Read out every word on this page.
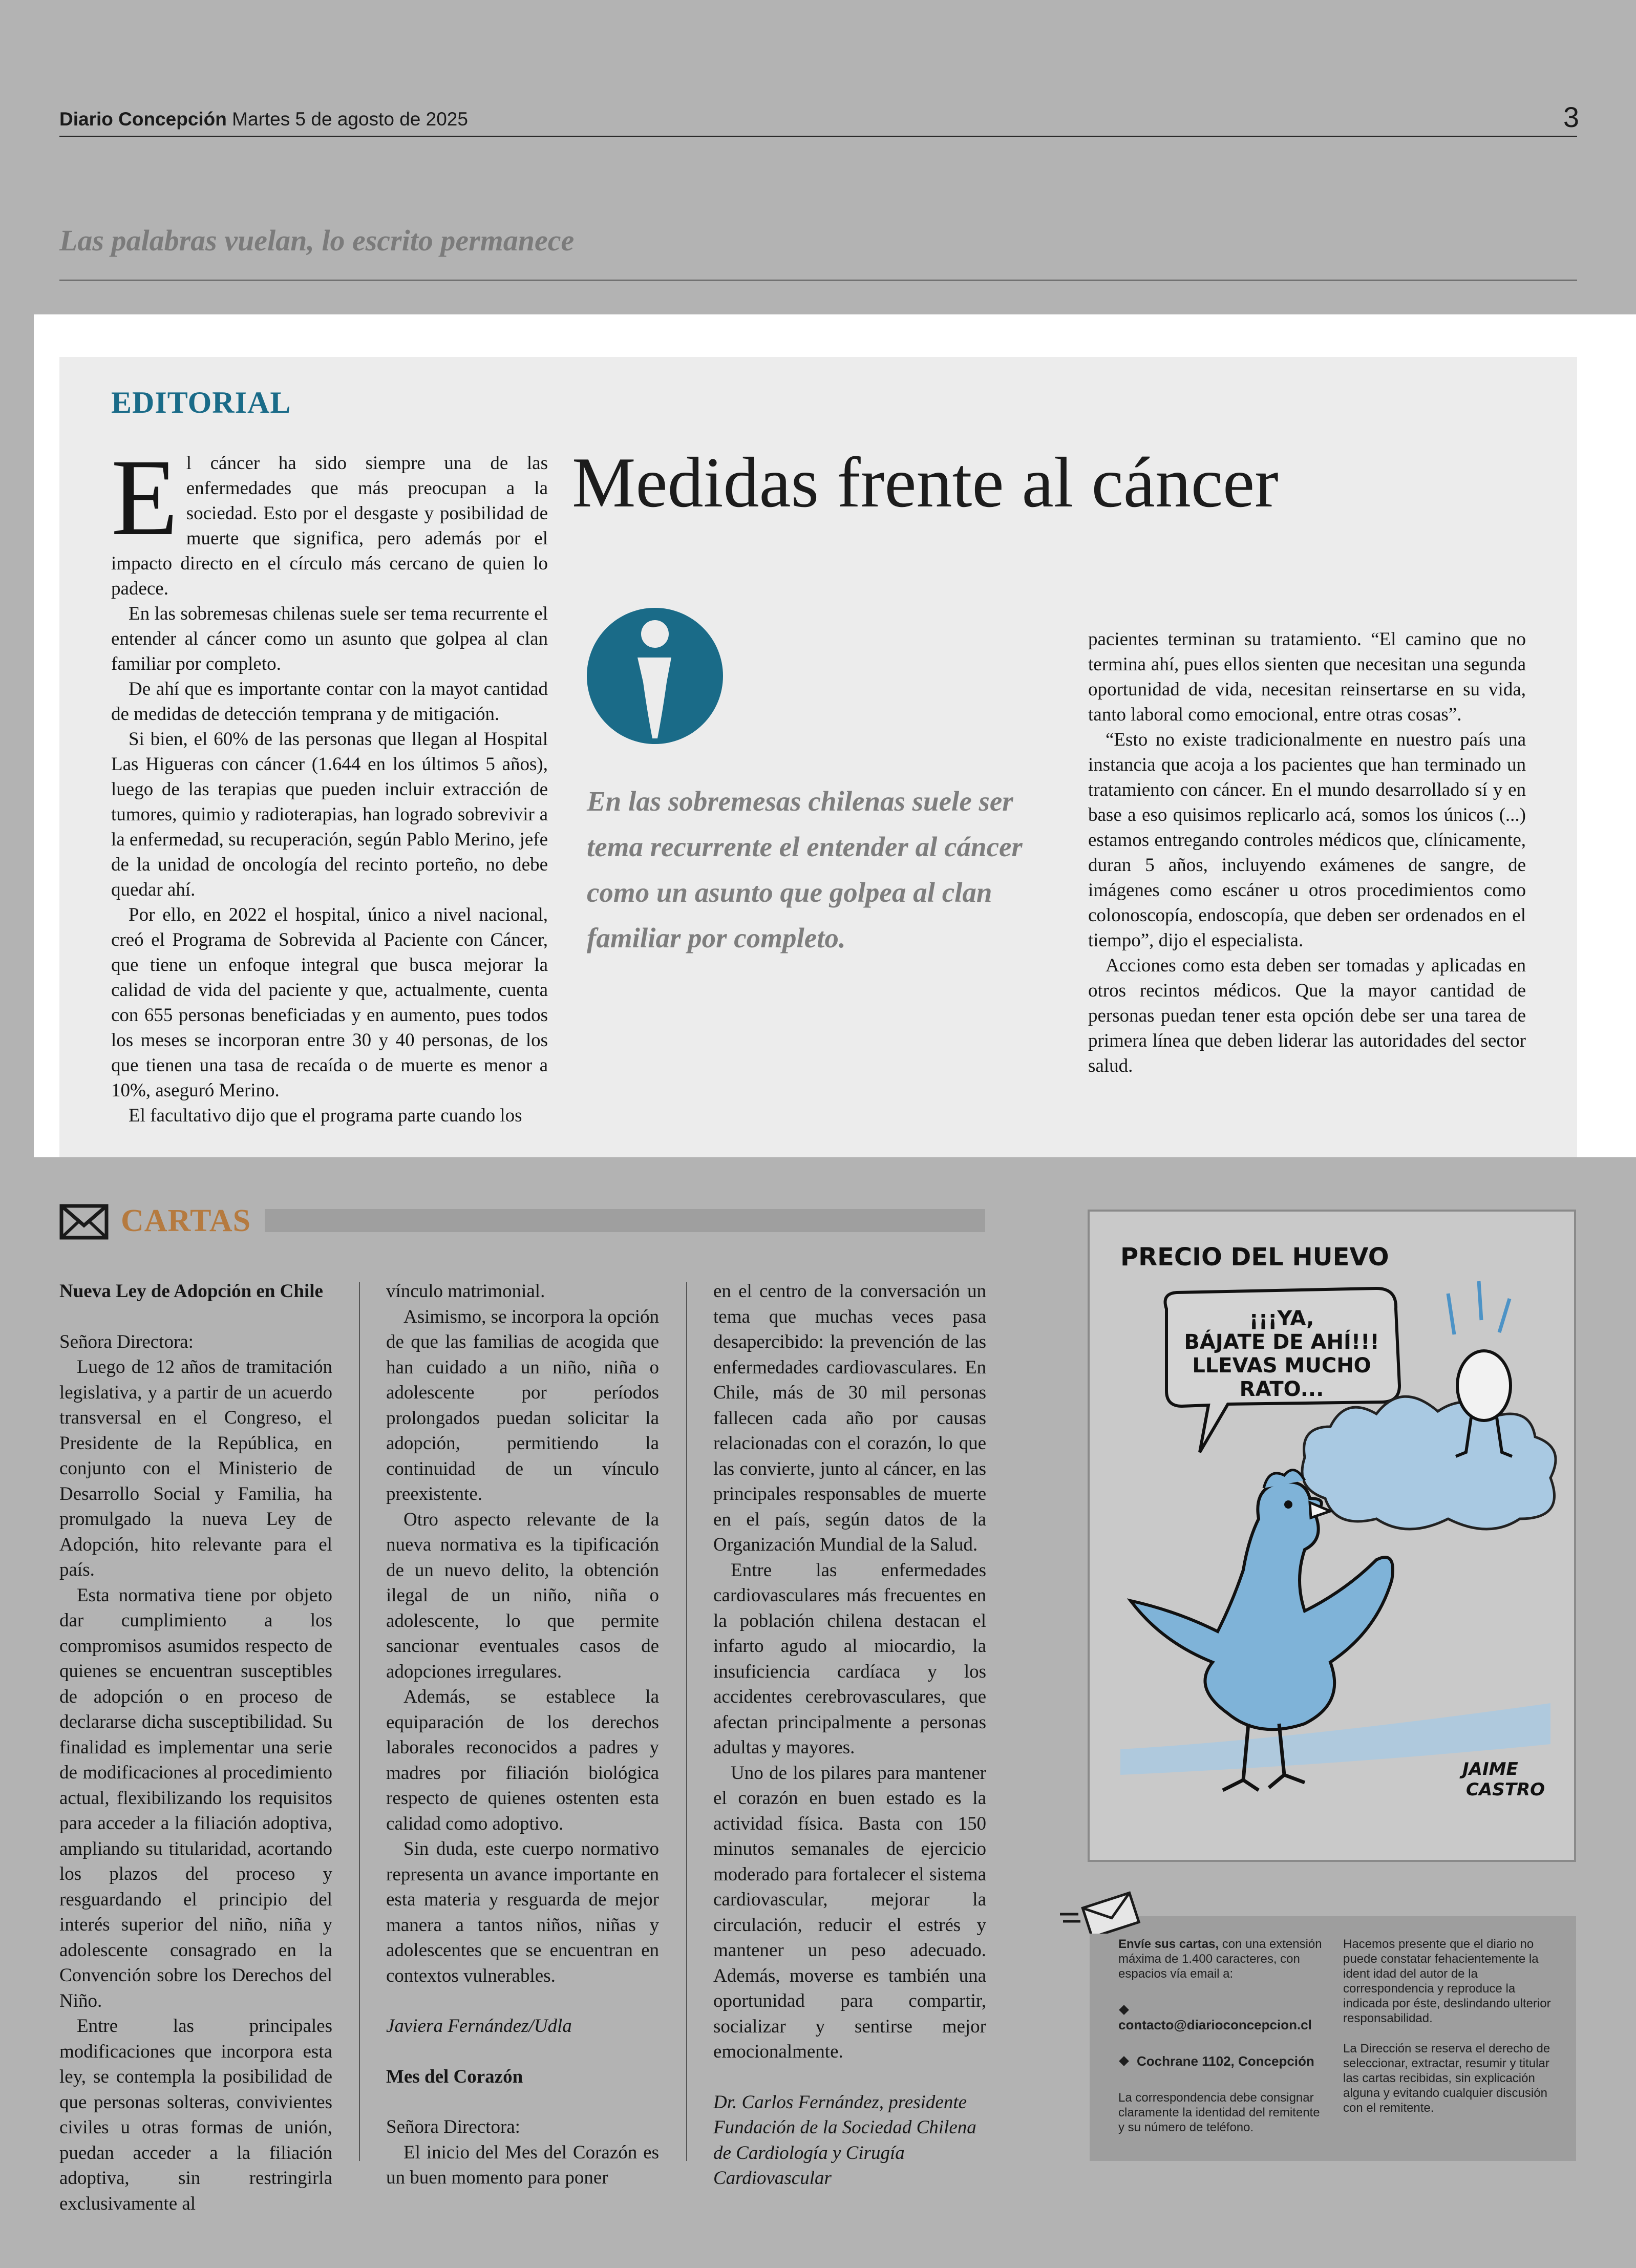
Diario Concepción Martes 5 de agosto de 2025	3
Las palabras vuelan, lo escrito permanece
EDITORIAL
Medidas frente al cáncer

El cáncer ha sido siempre una de las enfermedades que más preocupan a la sociedad. Esto por el desgaste y posibilidad de muerte que significa, pero además por el impacto directo en el círculo más cercano de quien lo padece.

En las sobremesas chilenas suele ser tema recurrente el entender al cáncer como un asunto que golpea al clan familiar por completo.

De ahí que es importante contar con la mayot cantidad de medidas de detección temprana y de mitigación.

Si bien, el 60% de las personas que llegan al Hospital Las Higueras con cáncer (1.644 en los últimos 5 años), luego de las terapias que pueden incluir extracción de tumores, quimio y radioterapias, han logrado sobrevivir a la enfermedad, su recuperación, según Pablo Merino, jefe de la unidad de oncología del recinto porteño, no debe quedar ahí.

Por ello, en 2022 el hospital, único a nivel nacional, creó el Programa de Sobrevida al Paciente con Cáncer, que tiene un enfoque integral que busca mejorar la calidad de vida del paciente y que, actualmente, cuenta con 655 personas beneficiadas y en aumento, pues todos los meses se incorporan entre 30 y 40 personas, de los que tienen una tasa de recaída o de muerte es menor a 10%, aseguró Merino.

El facultativo dijo que el programa parte cuando los

En las sobremesas chilenas suele ser tema recurrente el entender al cáncer como un asunto que golpea al clan familiar por completo.

pacientes terminan su tratamiento. “El camino que no termina ahí, pues ellos sienten que necesitan una segunda oportunidad de vida, necesitan reinsertarse en su vida, tanto laboral como emocional, entre otras cosas”.

“Esto no existe tradicionalmente en nuestro país una instancia que acoja a los pacientes que han terminado un tratamiento con cáncer. En el mundo desarrollado sí y en base a eso quisimos replicarlo acá, somos los únicos (...) estamos entregando controles médicos que, clínicamente, duran 5 años, incluyendo exámenes de sangre, de imágenes como escáner u otros procedimientos como colonoscopía, endoscopía, que deben ser ordenados en el tiempo”, dijo el especialista.

Acciones como esta deben ser tomadas y aplicadas en otros recintos médicos. Que la mayor cantidad de personas puedan tener esta opción debe ser una tarea de primera línea que deben liderar las autoridades del sector salud.

CARTAS

Nueva Ley de Adopción en Chile

Señora Directora:

Luego de 12 años de tramitación legislativa, y a partir de un acuerdo transversal en el Congreso, el Presidente de la República, en conjunto con el Ministerio de Desarrollo Social y Familia, ha promulgado la nueva Ley de Adopción, hito relevante para el país.

Esta normativa tiene por objeto dar cumplimiento a los compromisos asumidos respecto de quienes se encuentran susceptibles de adopción o en proceso de declararse dicha susceptibilidad. Su finalidad es implementar una serie de modificaciones al procedimiento actual, flexibilizando los requisitos para acceder a la filiación adoptiva, ampliando su titularidad, acortando los plazos del proceso y resguardando el principio del interés superior del niño, niña y adolescente consagrado en la Convención sobre los Derechos del Niño.

Entre las principales modificaciones que incorpora esta ley, se contempla la posibilidad de que personas solteras, convivientes civiles u otras formas de unión, puedan acceder a la filiación adoptiva, sin restringirla exclusivamente al

vínculo matrimonial.

Asimismo, se incorpora la opción de que las familias de acogida que han cuidado a un niño, niña o adolescente por períodos prolongados puedan solicitar la adopción, permitiendo la continuidad de un vínculo preexistente.

Otro aspecto relevante de la nueva normativa es la tipificación de un nuevo delito, la obtención ilegal de un niño, niña o adolescente, lo que permite sancionar eventuales casos de adopciones irregulares.

Además, se establece la equiparación de los derechos laborales reconocidos a padres y madres por filiación biológica respecto de quienes ostenten esta calidad como adoptivo.

Sin duda, este cuerpo normativo representa un avance importante en esta materia y resguarda de mejor manera a tantos niños, niñas y adolescentes que se encuentran en contextos vulnerables.

Javiera Fernández/Udla

Mes del Corazón

Señora Directora:

El inicio del Mes del Corazón es un buen momento para poner

en el centro de la conversación un tema que muchas veces pasa desapercibido: la prevención de las enfermedades cardiovasculares. En Chile, más de 30 mil personas fallecen cada año por causas relacionadas con el corazón, lo que las convierte, junto al cáncer, en las principales responsables de muerte en el país, según datos de la Organización Mundial de la Salud.

Entre las enfermedades cardiovasculares más frecuentes en la población chilena destacan el infarto agudo al miocardio, la insuficiencia cardíaca y los accidentes cerebrovasculares, que afectan principalmente a personas adultas y mayores.

Uno de los pilares para mantener el corazón en buen estado es la actividad física. Basta con 150 minutos semanales de ejercicio moderado para fortalecer el sistema cardiovascular, mejorar la circulación, reducir el estrés y mantener un peso adecuado. Además, moverse es también una oportunidad para compartir, socializar y sentirse mejor emocionalmente.

Dr. Carlos Fernández, presidente Fundación de la Sociedad Chilena de Cardiología y Cirugía Cardiovascular

PRECIO DEL HUEVO
¡¡¡YA,
BÁJATE DE AHÍ!!!
LLEVAS MUCHO
RATO...
JAIME
CASTRO

Envíe sus cartas, con una extensión máxima de 1.400 caracteres, con espacios vía email a:

contacto@diarioconcepcion.cl

Cochrane 1102, Concepción

La correspondencia debe consignar claramente la identidad del remitente y su número de teléfono.

Hacemos presente que el diario no puede constatar fehacientemente la ident idad del autor de la correspondencia y reproduce la indicada por éste, deslindando ulterior responsabilidad.

La Dirección se reserva el derecho de seleccionar, extractar, resumir y titular las cartas recibidas, sin explicación alguna y evitando cualquier discusión con el remitente.
